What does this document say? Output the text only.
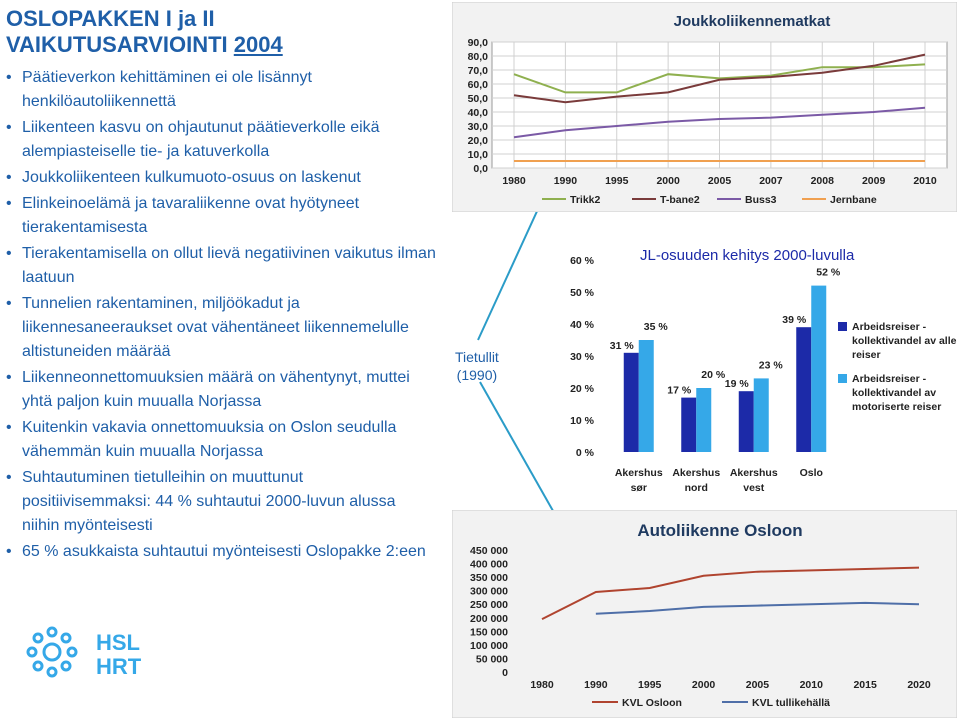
OSLOPAKKEN I ja II
VAIKUTUSARVIOINTI 2004
• Päätieverkon kehittäminen ei ole lisännyt henkilöautoliikennettä
• Liikenteen kasvu on ohjautunut päätieverkolle eikä alempiasteiselle tie- ja katuverkolla
• Joukkoliikenteen kulkumuoto-osuus on laskenut
• Elinkeinoelämä ja tavaraliikenne ovat hyötyneet tierakentamisesta
• Tierakentamisella on ollut lievä negatiivinen vaikutus ilman laatuun
• Tunnelien rakentaminen, miljöökadut ja liikennesaneeraukset ovat vähentäneet liikennemelulle altistuneiden määrää
• Liikenneonnettomuuksien määrä on vähentynyt, muttei yhtä paljon kuin muualla Norjassa
• Kuitenkin vakavia onnettomuuksia on Oslon seudulla vähemmän kuin muualla Norjassa
• Suhtautuminen tietulleihin on muuttunut positiivisemmaksi: 44 % suhtautui 2000-luvun alussa niihin myönteisesti
• 65 % asukkaista suhtautui myönteisesti Oslopakke 2:een
HSL
HRT
Tietullit
(1990)
Joukkoliikennematkat
0,0
10,0
20,0
30,0
40,0
50,0
60,0
70,0
80,0
90,0
1980	1990	1995	2000	2005	2007	2008	2009	2010
Trikk2	T-bane2	Buss3	Jernbane
JL-osuuden kehitys 2000-luvulla
0 %
10 %
20 %
30 %
40 %
50 %
60 %
31 %
35 %
17 %
20 %
19 %
23 %
39 %
52 %
Akershus
sør
Akershus
nord
Akershus
vest
Oslo
Arbeidsreiser -kollektivandel av alle reiser
Arbeidsreiser -kollektivandel av motoriserte reiser
Autoliikenne Osloon
0
50 000
100 000
150 000
200 000
250 000
300 000
350 000
400 000
450 000
1980	1990	1995	2000	2005	2010	2015	2020
KVL Osloon	KVL tullikehällä
